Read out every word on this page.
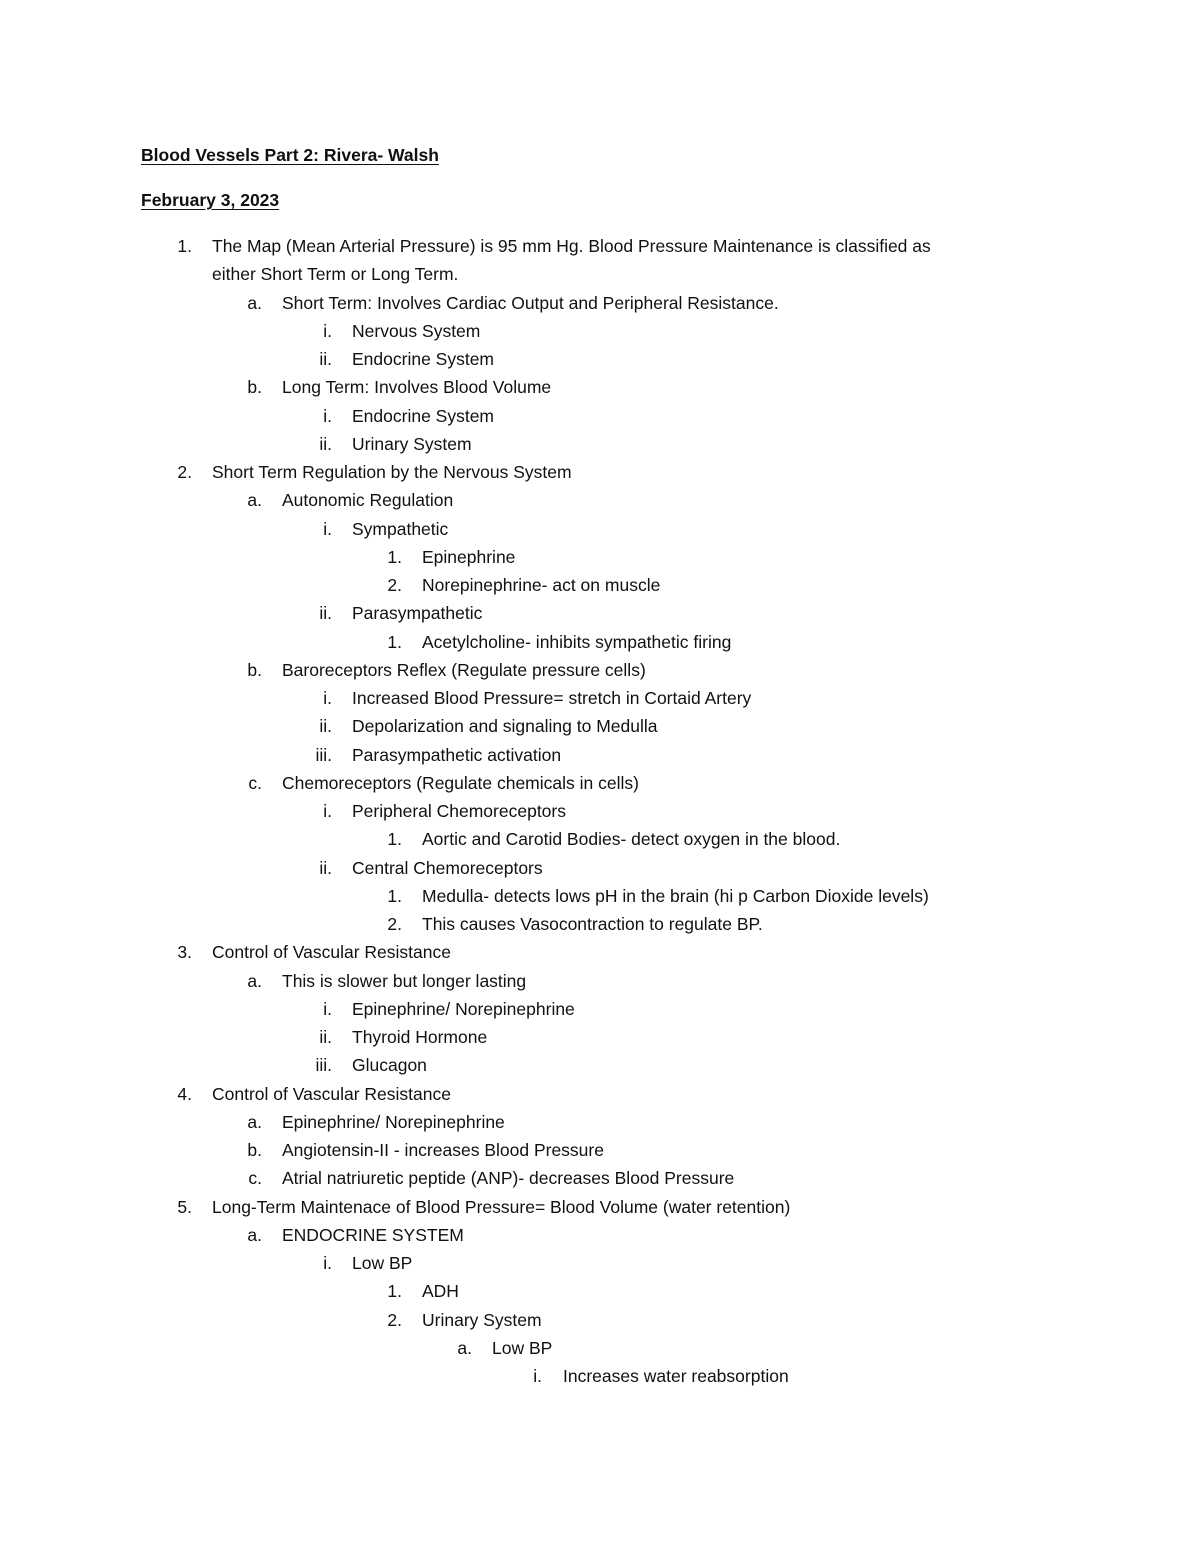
Blood Vessels Part 2: Rivera- Walsh
February 3, 2023
1. The Map (Mean Arterial Pressure) is 95 mm Hg. Blood Pressure Maintenance is classified as
either Short Term or Long Term.
a. Short Term: Involves Cardiac Output and Peripheral Resistance.
i. Nervous System
ii. Endocrine System
b. Long Term: Involves Blood Volume
i. Endocrine System
ii. Urinary System
2. Short Term Regulation by the Nervous System
a. Autonomic Regulation
i. Sympathetic
1. Epinephrine
2. Norepinephrine- act on muscle
ii. Parasympathetic
1. Acetylcholine- inhibits sympathetic firing
b. Baroreceptors Reflex (Regulate pressure cells)
i. Increased Blood Pressure= stretch in Cortaid Artery
ii. Depolarization and signaling to Medulla
iii. Parasympathetic activation
c. Chemoreceptors (Regulate chemicals in cells)
i. Peripheral Chemoreceptors
1. Aortic and Carotid Bodies- detect oxygen in the blood.
ii. Central Chemoreceptors
1. Medulla- detects lows pH in the brain (hi p Carbon Dioxide levels)
2. This causes Vasocontraction to regulate BP.
3. Control of Vascular Resistance
a. This is slower but longer lasting
i. Epinephrine/ Norepinephrine
ii. Thyroid Hormone
iii. Glucagon
4. Control of Vascular Resistance
a. Epinephrine/ Norepinephrine
b. Angiotensin-II - increases Blood Pressure
c. Atrial natriuretic peptide (ANP)- decreases Blood Pressure
5. Long-Term Maintenace of Blood Pressure= Blood Volume (water retention)
a. ENDOCRINE SYSTEM
i. Low BP
1. ADH
2. Urinary System
a. Low BP
i. Increases water reabsorption
